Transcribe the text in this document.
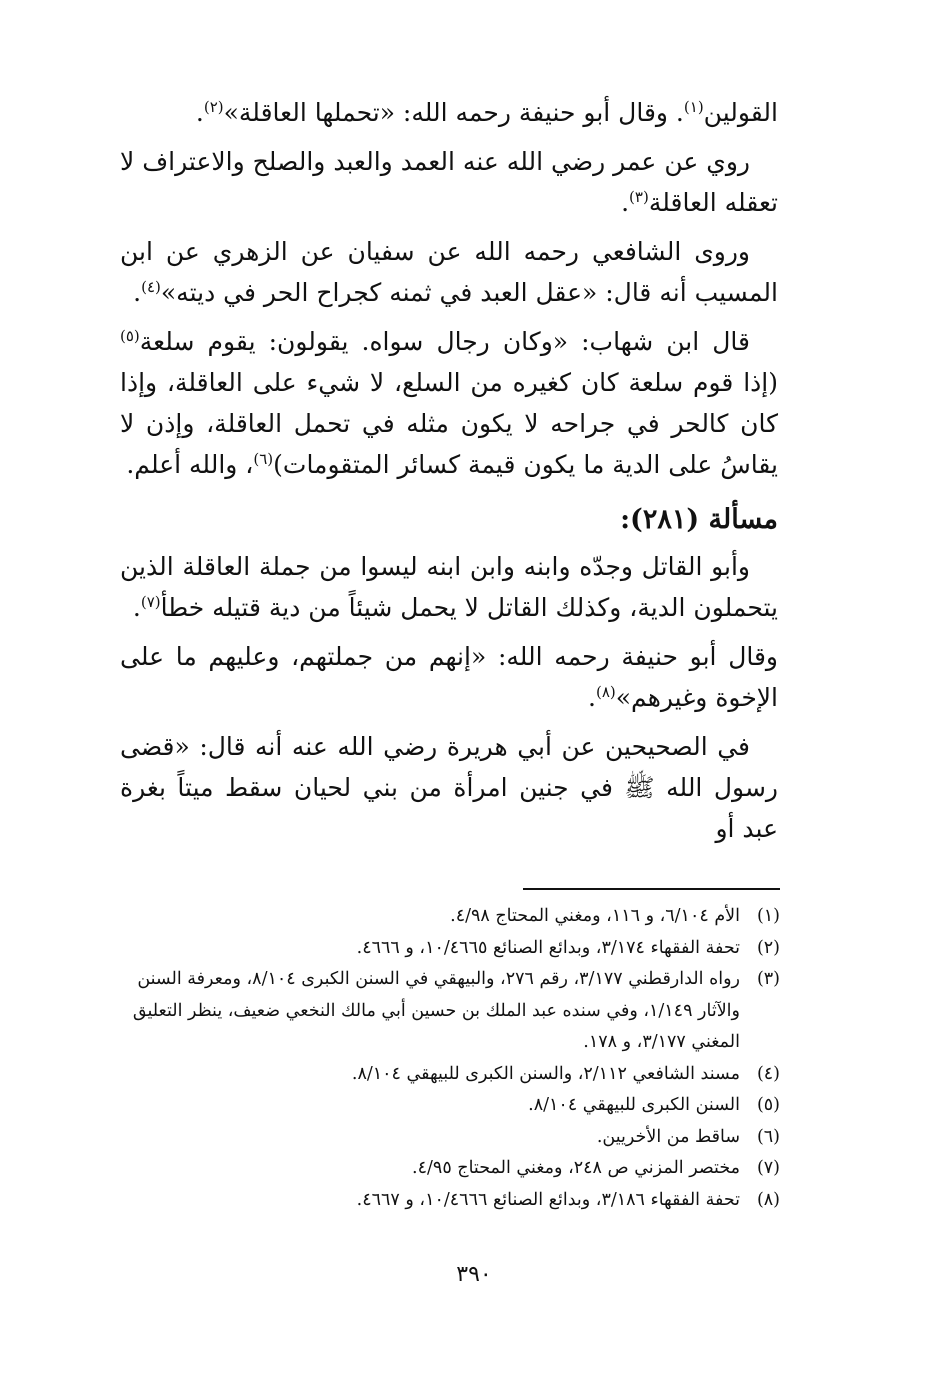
القولين$^{(١)}$. وقال أبو حنيفة رحمه الله: «تحملها العاقلة»$^{(٢)}$.

روي عن عمر رضي الله عنه العمد والعبد والصلح والاعتراف لا تعقله العاقلة$^{(٣)}$.

وروى الشافعي رحمه الله عن سفيان عن الزهري عن ابن المسيب أنه قال: «عقل العبد في ثمنه كجراح الحر في ديته»$^{(٤)}$.

قال ابن شهاب: «وكان رجال سواه. يقولون: يقوم سلعة$^{(٥)}$ (إذا قوم سلعة كان كغيره من السلع، لا شيء على العاقلة، وإذا كان كالحر في جراحه لا يكون مثله في تحمل العاقلة، وإذن لا يقاسُ على الدية ما يكون قيمة كسائر المتقومات)$^{(٦)}$، والله أعلم.

مسألة (٢٨١):

وأبو القاتل وجدّه وابنه وابن ابنه ليسوا من جملة العاقلة الذين يتحملون الدية، وكذلك القاتل لا يحمل شيئاً من دية قتيله خطأ$^{(٧)}$.

وقال أبو حنيفة رحمه الله: «إنهم من جملتهم، وعليهم ما على الإخوة وغيرهم»$^{(٨)}$.

في الصحيحين عن أبي هريرة رضي الله عنه أنه قال: «قضى رسول الله ﷺ في جنين امرأة من بني لحيان سقط ميتاً بغرة عبد أو

(١)
الأم ٦/١٠٤، و ١١٦، ومغني المحتاج ٤/٩٨.
(٢)
تحفة الفقهاء ٣/١٧٤، وبدائع الصنائع ١٠/٤٦٦٥، و ٤٦٦٦.
(٣)
رواه الدارقطني ٣/١٧٧، رقم ٢٧٦، والبيهقي في السنن الكبرى ٨/١٠٤، ومعرفة السنن والآثار ١/١٤٩، وفي سنده عبد الملك بن حسين أبي مالك النخعي ضعيف، ينظر التعليق المغني ٣/١٧٧، و ١٧٨.
(٤)
مسند الشافعي ٢/١١٢، والسنن الكبرى للبيهقي ٨/١٠٤.
(٥)
السنن الكبرى للبيهقي ٨/١٠٤.
(٦)
ساقط من الأخريين.
(٧)
مختصر المزني ص ٢٤٨، ومغني المحتاج ٤/٩٥.
(٨)
تحفة الفقهاء ٣/١٨٦، وبدائع الصنائع ١٠/٤٦٦٦، و ٤٦٦٧.
٣٩٠
